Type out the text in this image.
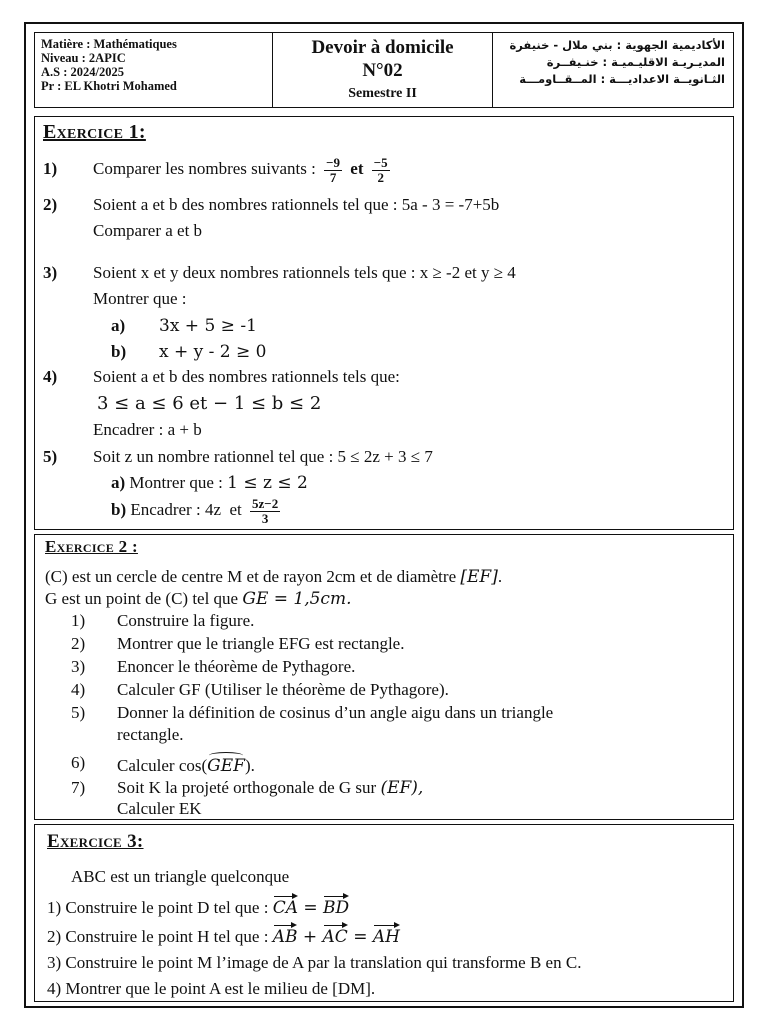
Matière : Mathématiques
Niveau : 2APIC
A.S : 2024/2025
Pr : EL Khotri Mohamed
Devoir à domicile
N°02
Semestre II
الأكاديمية الجهوية : بني ملال - خنيفرة
المديـريـة الاقليـميـة : خنـيفــرة
الثـانويــة الاعداديـــة : المــقــاومـــة
Exercice 1:
1) Comparer les nombres suivants : $\frac{-9}{7}$ et $\frac{-5}{2}$
2) Soient a et b des nombres rationnels tel que : 5a - 3 = -7+5b
Comparer a et b
3) Soient x et y deux nombres rationnels tels que : x ≥ -2 et y ≥ 4
Montrer que :
a) 3x + 5 ≥ -1
b) x + y - 2 ≥ 0
4) Soient a et b des nombres rationnels tels que:
3 ≤ a ≤ 6 et − 1 ≤ b ≤ 2
Encadrer : a + b
5) Soit z un nombre rationnel tel que : 5 ≤ 2z + 3 ≤ 7
a) Montrer que : 1 ≤ z ≤ 2
b) Encadrer : 4z et $\frac{5z-2}{3}$
Exercice 2 :
(C) est un cercle de centre M et de rayon 2cm et de diamètre [EF].
G est un point de (C) tel que GE = 1,5cm.
1) Construire la figure.
2) Montrer que le triangle EFG est rectangle.
3) Enoncer le théorème de Pythagore.
4) Calculer GF (Utiliser le théorème de Pythagore).
5) Donner la définition de cosinus d’un angle aigu dans un triangle
rectangle.
6) Calculer cos(GEF).
7) Soit K la projeté orthogonale de G sur (EF),
Calculer EK
Exercice 3:
ABC est un triangle quelconque
1) Construire le point D tel que : CA = BD
2) Construire le point H tel que : AB + AC = AH
3) Construire le point M l’image de A par la translation qui transforme B en C.
4) Montrer que le point A est le milieu de [DM].
